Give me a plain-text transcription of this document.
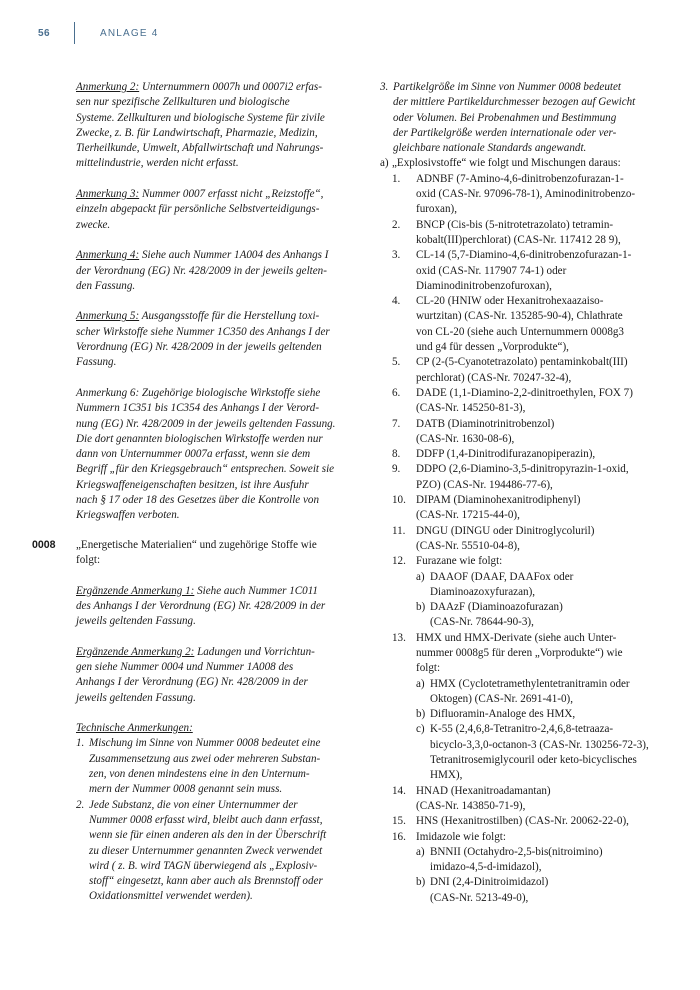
56	ANLAGE 4

Anmerkung 2: Unternummern 0007h und 0007i2 erfas-
sen nur spezifische Zellkulturen und biologische
Systeme. Zellkulturen und biologische Systeme für zivile
Zwecke, z. B. für Landwirtschaft, Pharmazie, Medizin,
Tierheilkunde, Umwelt, Abfallwirtschaft und Nahrungs-
mittelindustrie, werden nicht erfasst.

Anmerkung 3: Nummer 0007 erfasst nicht „Reizstoffe“,
einzeln abgepackt für persönliche Selbstverteidigungs-
zwecke.

Anmerkung 4: Siehe auch Nummer 1A004 des Anhangs I
der Verordnung (EG) Nr. 428/2009 in der jeweils gelten-
den Fassung.

Anmerkung 5: Ausgangsstoffe für die Herstellung toxi-
scher Wirkstoffe siehe Nummer 1C350 des Anhangs I der
Verordnung (EG) Nr. 428/2009 in der jeweils geltenden
Fassung.

Anmerkung 6: Zugehörige biologische Wirkstoffe siehe
Nummern 1C351 bis 1C354 des Anhangs I der Verord-
nung (EG) Nr. 428/2009 in der jeweils geltenden Fassung.
Die dort genannten biologischen Wirkstoffe werden nur
dann von Unternummer 0007a erfasst, wenn sie dem
Begriff „für den Kriegsgebrauch“ entsprechen. Soweit sie
Kriegswaffeneigenschaften besitzen, ist ihre Ausfuhr
nach § 17 oder 18 des Gesetzes über die Kontrolle von
Kriegswaffen verboten.

0008 „Energetische Materialien“ und zugehörige Stoffe wie
folgt:

Ergänzende Anmerkung 1: Siehe auch Nummer 1C011
des Anhangs I der Verordnung (EG) Nr. 428/2009 in der
jeweils geltenden Fassung.

Ergänzende Anmerkung 2: Ladungen und Vorrichtun-
gen siehe Nummer 0004 und Nummer 1A008 des
Anhangs I der Verordnung (EG) Nr. 428/2009 in der
jeweils geltenden Fassung.

Technische Anmerkungen:

1. Mischung im Sinne von Nummer 0008 bedeutet eine
Zusammensetzung aus zwei oder mehreren Substan-
zen, von denen mindestens eine in den Unternum-
mern der Nummer 0008 genannt sein muss.
2. Jede Substanz, die von einer Unternummer der
Nummer 0008 erfasst wird, bleibt auch dann erfasst,
wenn sie für einen anderen als den in der Überschrift
zu dieser Unternummer genannten Zweck verwendet
wird ( z. B. wird TAGN überwiegend als „Explosiv-
stoff“ eingesetzt, kann aber auch als Brennstoff oder
Oxidationsmittel verwendet werden).
3. Partikelgröße im Sinne von Nummer 0008 bedeutet
der mittlere Partikeldurchmesser bezogen auf Gewicht
oder Volumen. Bei Probenahmen und Bestimmung
der Partikelgröße werden internationale oder ver-
gleichbare nationale Standards angewandt.
a) „Explosivstoffe“ wie folgt und Mischungen daraus:
1.	ADNBF (7-Amino-4,6-dinitrobenzofurazan-1-
oxid (CAS-Nr. 97096-78-1), Aminodinitrobenzo-
furoxan),
2.	BNCP (Cis-bis (5-nitrotetrazolato) tetramin-
kobalt(III)perchlorat) (CAS-Nr. 117412 28 9),
3.	CL-14 (5,7-Diamino-4,6-dinitrobenzofurazan-1-
oxid (CAS-Nr. 117907 74-1) oder
Diaminodinitrobenzofuroxan),
4.	CL-20 (HNIW oder Hexanitrohexaazaiso-
wurtzitan) (CAS-Nr. 135285-90-4), Chlathrate
von CL-20 (siehe auch Unternummern 0008g3
und g4 für dessen „Vorprodukte“),
5.	CP (2-(5-Cyanotetrazolato) pentaminkobalt(III)
perchlorat) (CAS-Nr. 70247-32-4),
6.	DADE (1,1-Diamino-2,2-dinitroethylen, FOX 7)
(CAS-Nr. 145250-81-3),
7.	DATB (Diaminotrinitrobenzol)
(CAS-Nr. 1630-08-6),
8.	DDFP (1,4-Dinitrodifurazanopiperazin),
9.	DDPO (2,6-Diamino-3,5-dinitropyrazin-1-oxid,
PZO) (CAS-Nr. 194486-77-6),
10. DIPAM (Diaminohexanitrodiphenyl)
(CAS-Nr. 17215-44-0),
11. DNGU (DINGU oder Dinitroglycoluril)
(CAS-Nr. 55510-04-8),
12. Furazane wie folgt:
a) DAAOF (DAAF, DAAFox oder
Diaminoazoxyfurazan),
b) DAAzF (Diaminoazofurazan)
(CAS-Nr. 78644-90-3),
13. HMX und HMX-Derivate (siehe auch Unter-
nummer 0008g5 für deren „Vorprodukte“) wie
folgt:
a) HMX (Cyclotetramethylentetranitramin oder
Oktogen) (CAS-Nr. 2691-41-0),
b) Difluoramin-Analoge des HMX,
c) K-55 (2,4,6,8-Tetranitro-2,4,6,8-tetraaza-
bicyclo-3,3,0-octanon-3 (CAS-Nr. 130256-72-3),
Tetranitrosemiglycouril oder keto-bicyclisches
HMX),
14. HNAD (Hexanitroadamantan)
(CAS-Nr. 143850-71-9),
15. HNS (Hexanitrostilben) (CAS-Nr. 20062-22-0),
16. Imidazole wie folgt:
a) BNNII (Octahydro-2,5-bis(nitroimino)
imidazo-4,5-d-imidazol),
b) DNI (2,4-Dinitroimidazol)
(CAS-Nr. 5213-49-0),
